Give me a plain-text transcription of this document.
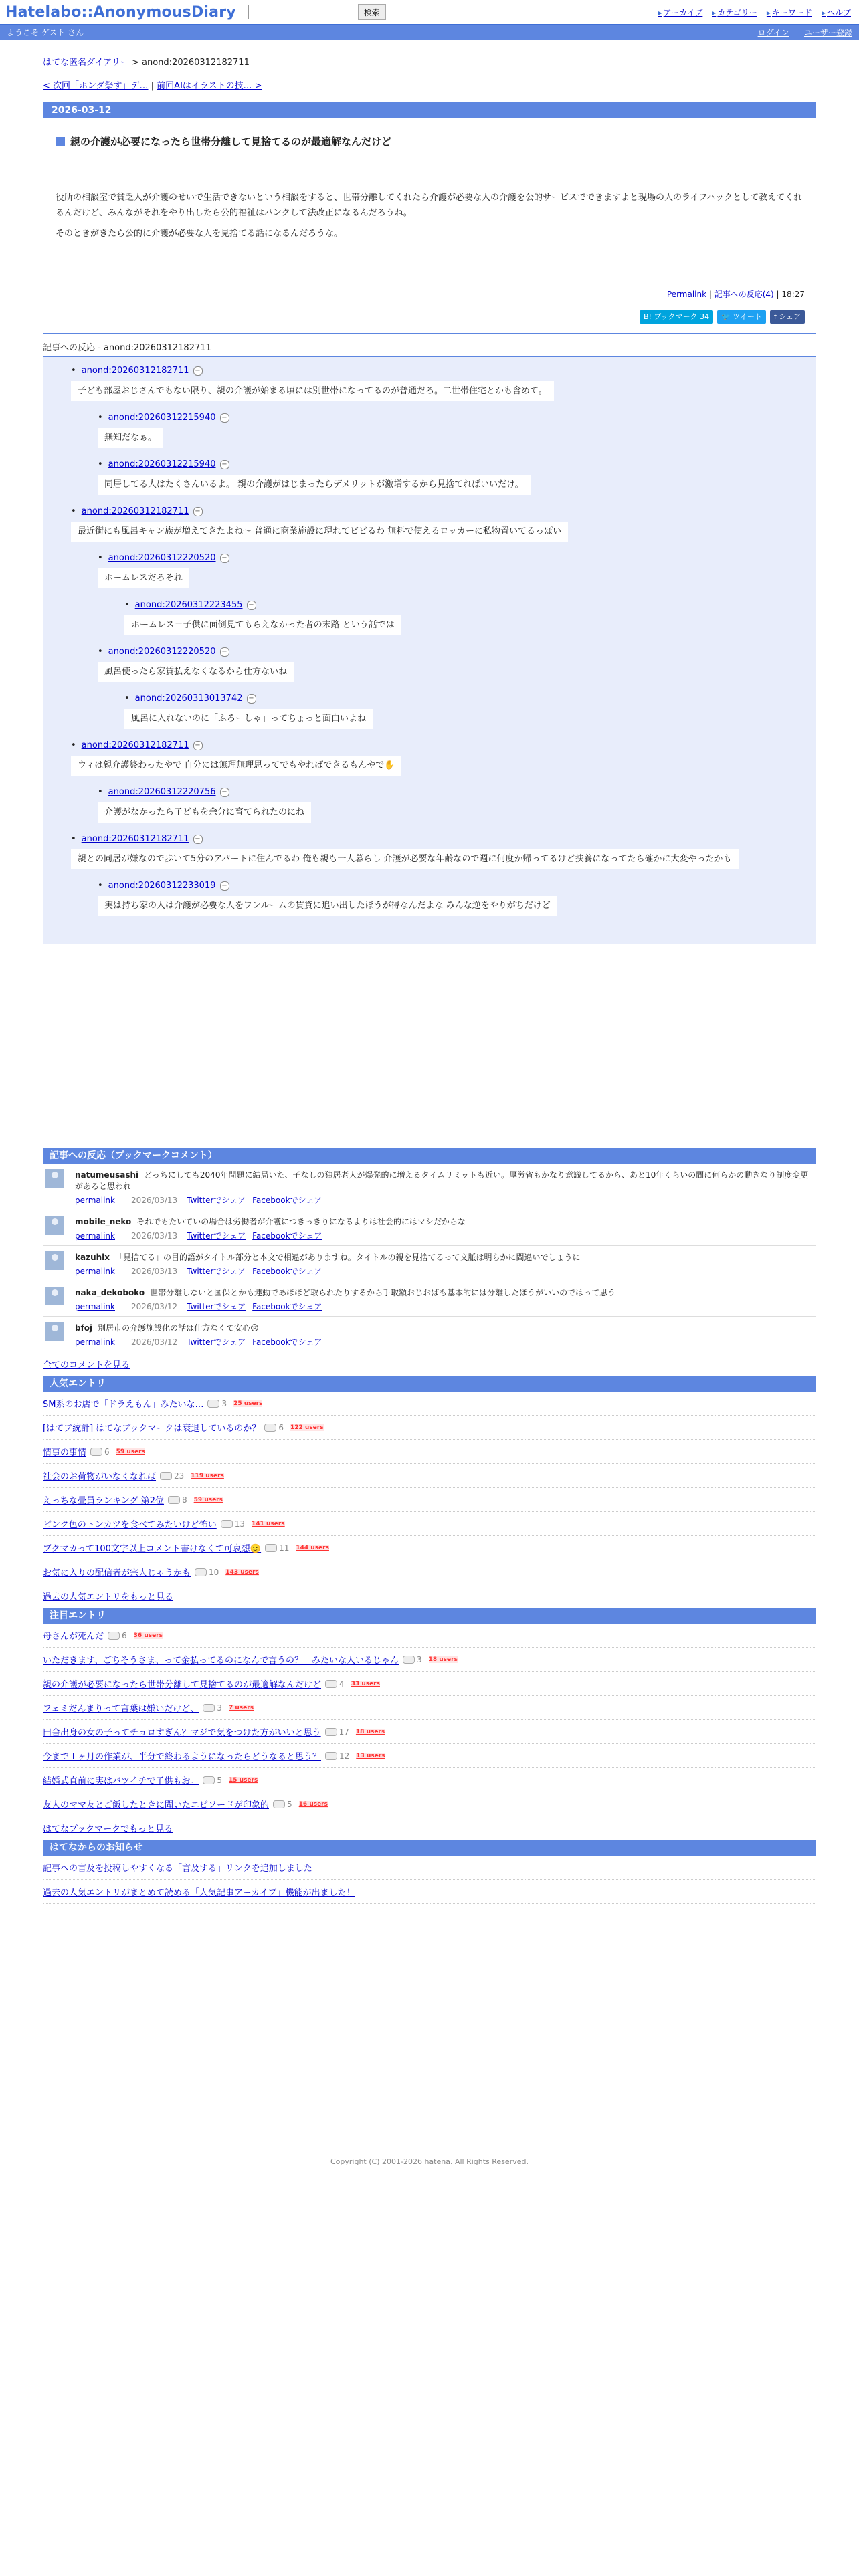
Hatelabo::AnonymousDiary	検索	▸ アーカイブ	▸ カテゴリー	▸ キーワード	▸ ヘルプ
ようこそ ゲスト さん	ログイン ユーザー登録
はてな匿名ダイアリー > anond:20260312182711
< 次回「ホンダ祭す」デ… | 前回AIはイラストの技… >
2026-03-12
親の介護が必要になったら世帯分離して見捨てるのが最適解なんだけど

役所の相談室で貧乏人が介護のせいで生活できないという相談をすると、世帯分離してくれたら介護が必要な人の介護を公的サービスでできますよと現場の人のライフハックとして教えてくれるんだけど、みんながそれをやり出したら公的福祉はパンクして法改正になるんだろうね。

そのときがきたら公的に介護が必要な人を見捨てる話になるんだろうな。

Permalink | 記事への反応(4) | 18:27
B! ブックマーク 34	🐦 ツイート	f シェア
記事への反応 - anond:20260312182711
• anond:20260312182711 −
子ども部屋おじさんでもない限り、親の介護が始まる頃には別世帯になってるのが普通だろ。二世帯住宅とかも含めて。
• anond:20260312215940 −
無知だなぁ。
• anond:20260312215940 −
同居してる人はたくさんいるよ。 親の介護がはじまったらデメリットが激増するから見捨てればいいだけ。
• anond:20260312182711 −
最近街にも風呂キャン族が増えてきたよね～ 普通に商業施設に現れてビビるわ 無料で使えるロッカーに私物置いてるっぽい
• anond:20260312220520 −
ホームレスだろそれ
• anond:20260312223455 −
ホームレス＝子供に面倒見てもらえなかった者の末路 という話では
• anond:20260312220520 −
風呂使ったら家賃払えなくなるから仕方ないね
• anond:20260313013742 −
風呂に入れないのに「ふろーしゃ」ってちょっと面白いよね
• anond:20260312182711 −
ウィは親介護終わったやで 自分には無理無理思ってでもやればできるもんやで✋
• anond:20260312220756 −
介護がなかったら子どもを余分に育てられたのにね
• anond:20260312182711 −
親との同居が嫌なので歩いて5分のアパートに住んでるわ 俺も親も一人暮らし 介護が必要な年齢なので週に何度か帰ってるけど扶養になってたら確かに大変やったかも
• anond:20260312233019 −
実は持ち家の人は介護が必要な人をワンルームの賃貸に追い出したほうが得なんだよな みんな逆をやりがちだけど
記事への反応（ブックマークコメント）
natumeusashi どっちにしても2040年問題に結局いた、子なしの独居老人が爆発的に増えるタイムリミットも近い。厚労省もかなり意識してるから、あと10年くらいの間に何らかの動きなり制度変更があると思われ
permalink 2026/03/13 Twitterでシェア Facebookでシェア
mobile_neko それでもたいていの場合は労働者が介護につきっきりになるよりは社会的にはマシだからな
permalink 2026/03/13 Twitterでシェア Facebookでシェア
kazuhix 「見捨てる」の目的語がタイトル部分と本文で相違がありますね。タイトルの親を見捨てるって文脈は明らかに間違いでしょうに
permalink 2026/03/13 Twitterでシェア Facebookでシェア
naka_dekoboko 世帯分離しないと国保とかも連動であほほど取られたりするから手取額おじおばも基本的には分離したほうがいいのではって思う
permalink 2026/03/12 Twitterでシェア Facebookでシェア
bfoj 別居市の介護施設化の話は仕方なくて安心😢
permalink 2026/03/12 Twitterでシェア Facebookでシェア
全てのコメントを見る
人気エントリ
SM系のお店で「ドラえもん」みたいな… 3 25 users
[はてブ統計] はてなブックマークは衰退しているのか？ 6 122 users
情事の事情 6 59 users
社会のお荷物がいなくなれば 23 119 users
えっちな畳員ランキング 第2位 8 59 users
ピンク色のトンカツを食べてみたいけど怖い 13 141 users
ブクマカって100文字以上コメント書けなくて可哀想🙂 11 144 users
お気に入りの配信者が宗人じゃうかも 10 143 users
過去の人気エントリをもっと見る
注目エントリ
母さんが死んだ 6 36 users
いただきます、ごちそうさま、って金払ってるのになんで言うの？　みたいな人いるじゃん 3 18 users
親の介護が必要になったら世帯分離して見捨てるのが最適解なんだけど 4 33 users
フェミだんまりって言葉は嫌いだけど、 3 7 users
田舎出身の女の子ってチョロすぎん？マジで気をつけた方がいいと思う 17 18 users
今まで１ヶ月の作業が、半分で終わるようになったらどうなると思う？ 12 13 users
結婚式直前に実はバツイチで子供もお。 5 15 users
友人のママ友とご飯したときに聞いたエピソードが印象的 5 16 users
はてなブックマークでもっと見る
はてなからのお知らせ
記事への言及を投稿しやすくなる「言及する」リンクを追加しました
過去の人気エントリがまとめて読める「人気記事アーカイブ」機能が出ました！
Copyright (C) 2001-2026 hatena. All Rights Reserved.
